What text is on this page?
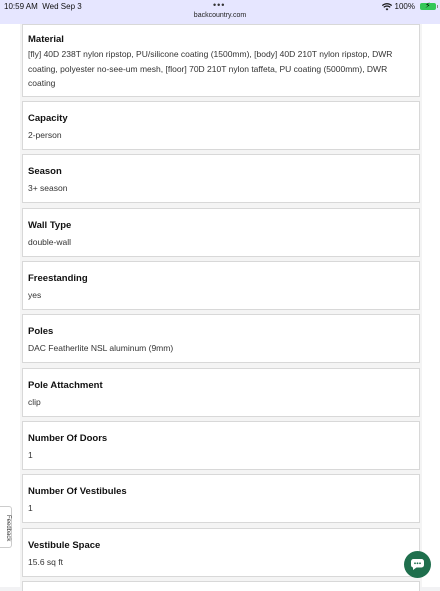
10:59 AM Wed Sep 3	•••
backcountry.com
100% ⚡
Material
[fly] 40D 238T nylon ripstop, PU/silicone coating (1500mm), [body] 40D 210T nylon ripstop, DWR coating, polyester no-see-um mesh, [floor] 70D 210T nylon taffeta, PU coating (5000mm), DWR coating
Capacity
2-person
Season
3+ season
Wall Type
double-wall
Freestanding
yes
Poles
DAC Featherlite NSL aluminum (9mm)
Pole Attachment
clip
Number Of Doors
1
Number Of Vestibules
1
Vestibule Space
15.6 sq ft
Feedback
